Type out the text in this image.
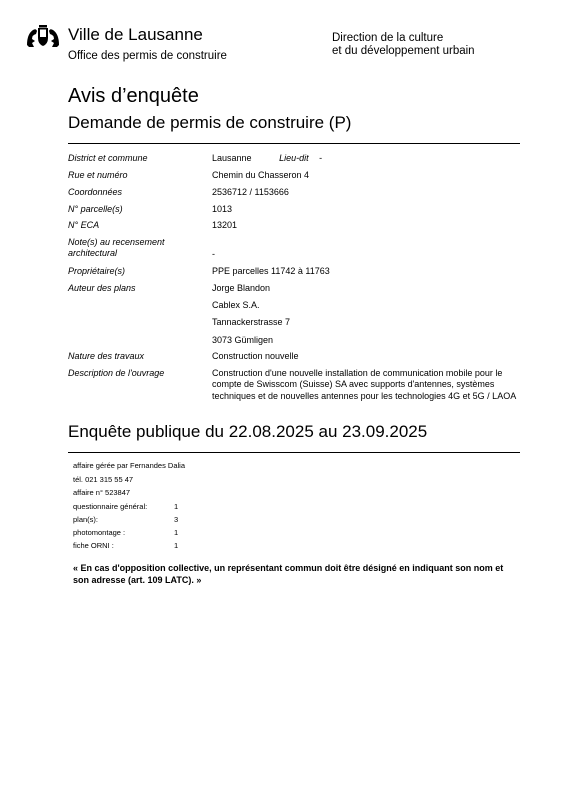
Ville de Lausanne
Office des permis de construire
Direction de la culture
et du développement urbain
Avis d’enquête
Demande de permis de construire (P)
District et commune	Lausanne	Lieu-dit -
Rue et numéro	Chemin du Chasseron 4
Coordonnées	2536712 / 1153666
N° parcelle(s)	1013
N° ECA	13201
Note(s) au recensement architectural	-
Propriétaire(s)	PPE parcelles 11742 à 11763
Auteur des plans	Jorge Blandon
Cablex S.A.
Tannackerstrasse 7
3073 Gümligen
Nature des travaux	Construction nouvelle
Description de l'ouvrage	Construction d'une nouvelle installation de communication mobile pour le compte de Swisscom (Suisse) SA avec supports d'antennes, systèmes techniques et de nouvelles antennes pour les technologies 4G et 5G / LAOA
Enquête publique du 22.08.2025 au 23.09.2025
affaire gérée par Fernandes Dalia
tél. 021 315 55 47
affaire n° 523847
questionnaire général:	1
plan(s):	3
photomontage :	1
fiche ORNI :	1
« En cas d'opposition collective, un représentant commun doit être désigné en indiquant son nom et son adresse (art. 109 LATC). »
